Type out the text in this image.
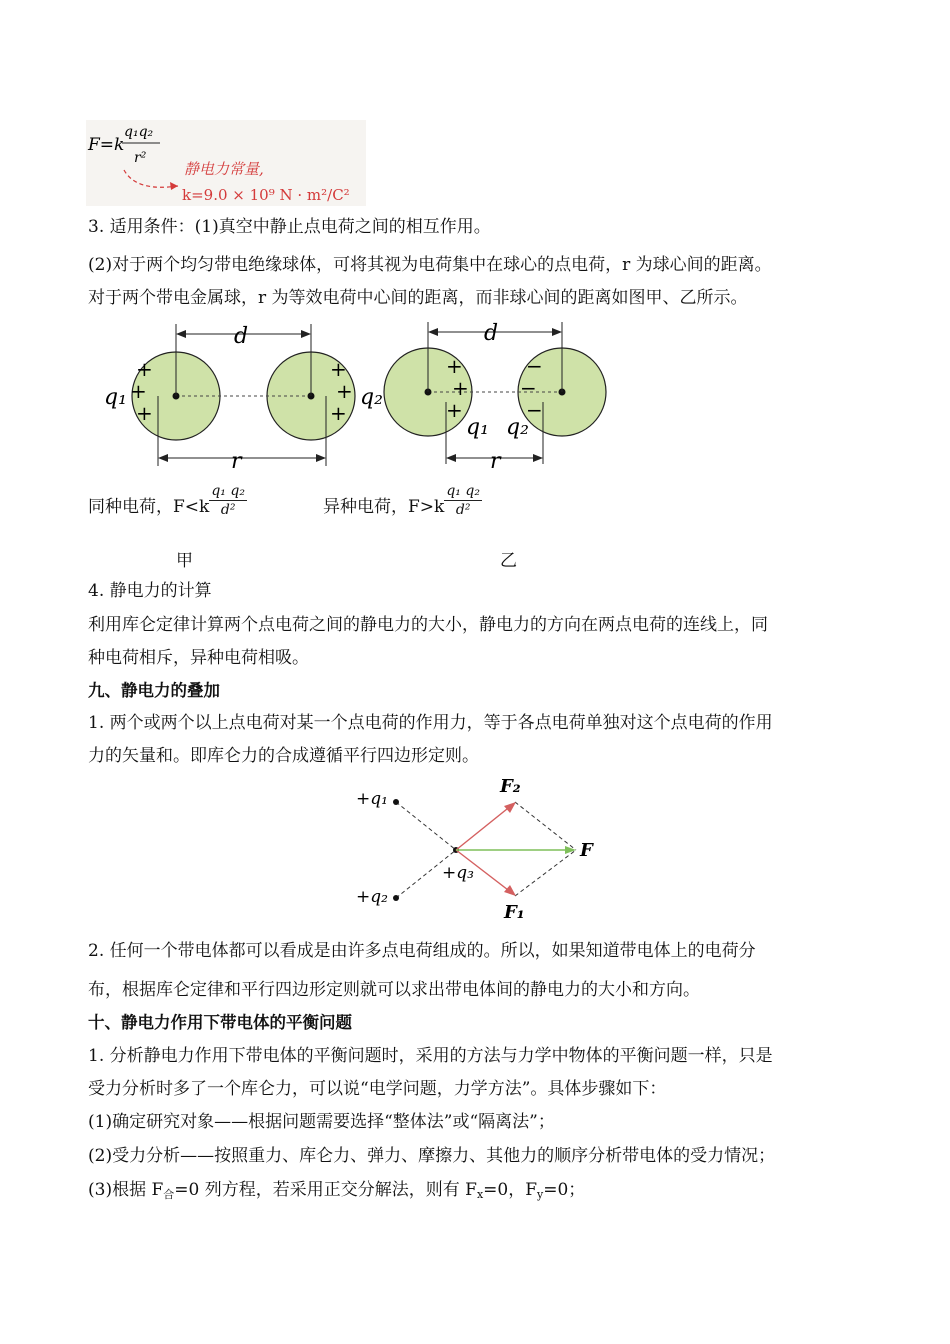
F=k
q₁q₂
r²
静电力常量,
k=9.0 × 10⁹ N · m²/C²
3. 适用条件：(1)真空中静止点电荷之间的相互作用。
(2)对于两个均匀带电绝缘球体，可将其视为电荷集中在球心的点电荷，r 为球心间的距离。
对于两个带电金属球，r 为等效电荷中心间的距离，而非球心间的距离如图甲、乙所示。
d
+
+
+
+
+
+
q₁	q₂
r
d
+
+
+
−
−
−
q₁ q₂
r
同种电荷，$F<k \frac{\text{q₁ q₂}}{\text{d²}}$	异种电荷，$F>k \frac{\text{q₁ q₂}}{\text{d²}}$
甲	乙
4. 静电力的计算
利用库仑定律计算两个点电荷之间的静电力的大小，静电力的方向在两点电荷的连线上，同
种电荷相斥，异种电荷相吸。
九、静电力的叠加
1. 两个或两个以上点电荷对某一个点电荷的作用力，等于各点电荷单独对这个点电荷的作用
力的矢量和。即库仑力的合成遵循平行四边形定则。
+q₁
+q₂
+q₃
F₂
F
F₁
2. 任何一个带电体都可以看成是由许多点电荷组成的。所以，如果知道带电体上的电荷分
布，根据库仑定律和平行四边形定则就可以求出带电体间的静电力的大小和方向。
十、静电力作用下带电体的平衡问题
1. 分析静电力作用下带电体的平衡问题时，采用的方法与力学中物体的平衡问题一样，只是
受力分析时多了一个库仑力，可以说“电学问题，力学方法”。具体步骤如下：
(1)确定研究对象——根据问题需要选择“整体法”或“隔离法”；
(2)受力分析——按照重力、库仑力、弹力、摩擦力、其他力的顺序分析带电体的受力情况；
(3)根据 $F_合=0$ 列方程，若采用正交分解法，则有 $F_x=0$，$F_y=0$；
